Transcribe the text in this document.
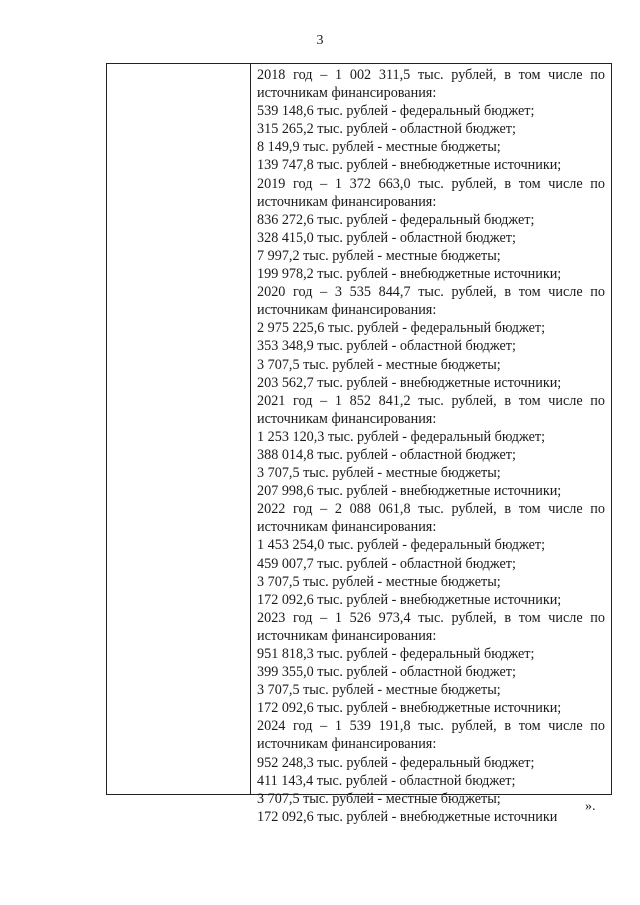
3
2018 год – 1 002 311,5 тыс. рублей, в том числе по
источникам финансирования:
539 148,6 тыс. рублей - федеральный бюджет;
315 265,2 тыс. рублей - областной бюджет;
8 149,9 тыс. рублей - местные бюджеты;
139 747,8 тыс. рублей - внебюджетные источники;
2019 год – 1 372 663,0 тыс. рублей, в том числе по
источникам финансирования:
836 272,6 тыс. рублей - федеральный бюджет;
328 415,0 тыс. рублей - областной бюджет;
7 997,2 тыс. рублей - местные бюджеты;
199 978,2 тыс. рублей - внебюджетные источники;
2020 год – 3 535 844,7 тыс. рублей, в том числе по
источникам финансирования:
2 975 225,6 тыс. рублей - федеральный бюджет;
353 348,9 тыс. рублей - областной бюджет;
3 707,5 тыс. рублей - местные бюджеты;
203 562,7 тыс. рублей - внебюджетные источники;
2021 год – 1 852 841,2 тыс. рублей, в том числе по
источникам финансирования:
1 253 120,3 тыс. рублей - федеральный бюджет;
388 014,8 тыс. рублей - областной бюджет;
3 707,5 тыс. рублей - местные бюджеты;
207 998,6 тыс. рублей - внебюджетные источники;
2022 год – 2 088 061,8 тыс. рублей, в том числе по
источникам финансирования:
1 453 254,0 тыс. рублей - федеральный бюджет;
459 007,7 тыс. рублей - областной бюджет;
3 707,5 тыс. рублей - местные бюджеты;
172 092,6 тыс. рублей - внебюджетные источники;
2023 год – 1 526 973,4 тыс. рублей, в том числе по
источникам финансирования:
951 818,3 тыс. рублей - федеральный бюджет;
399 355,0 тыс. рублей - областной бюджет;
3 707,5 тыс. рублей - местные бюджеты;
172 092,6 тыс. рублей - внебюджетные источники;
2024 год – 1 539 191,8 тыс. рублей, в том числе по
источникам финансирования:
952 248,3 тыс. рублей - федеральный бюджет;
411 143,4 тыс. рублей - областной бюджет;
3 707,5 тыс. рублей - местные бюджеты;
172 092,6 тыс. рублей - внебюджетные источники
».
